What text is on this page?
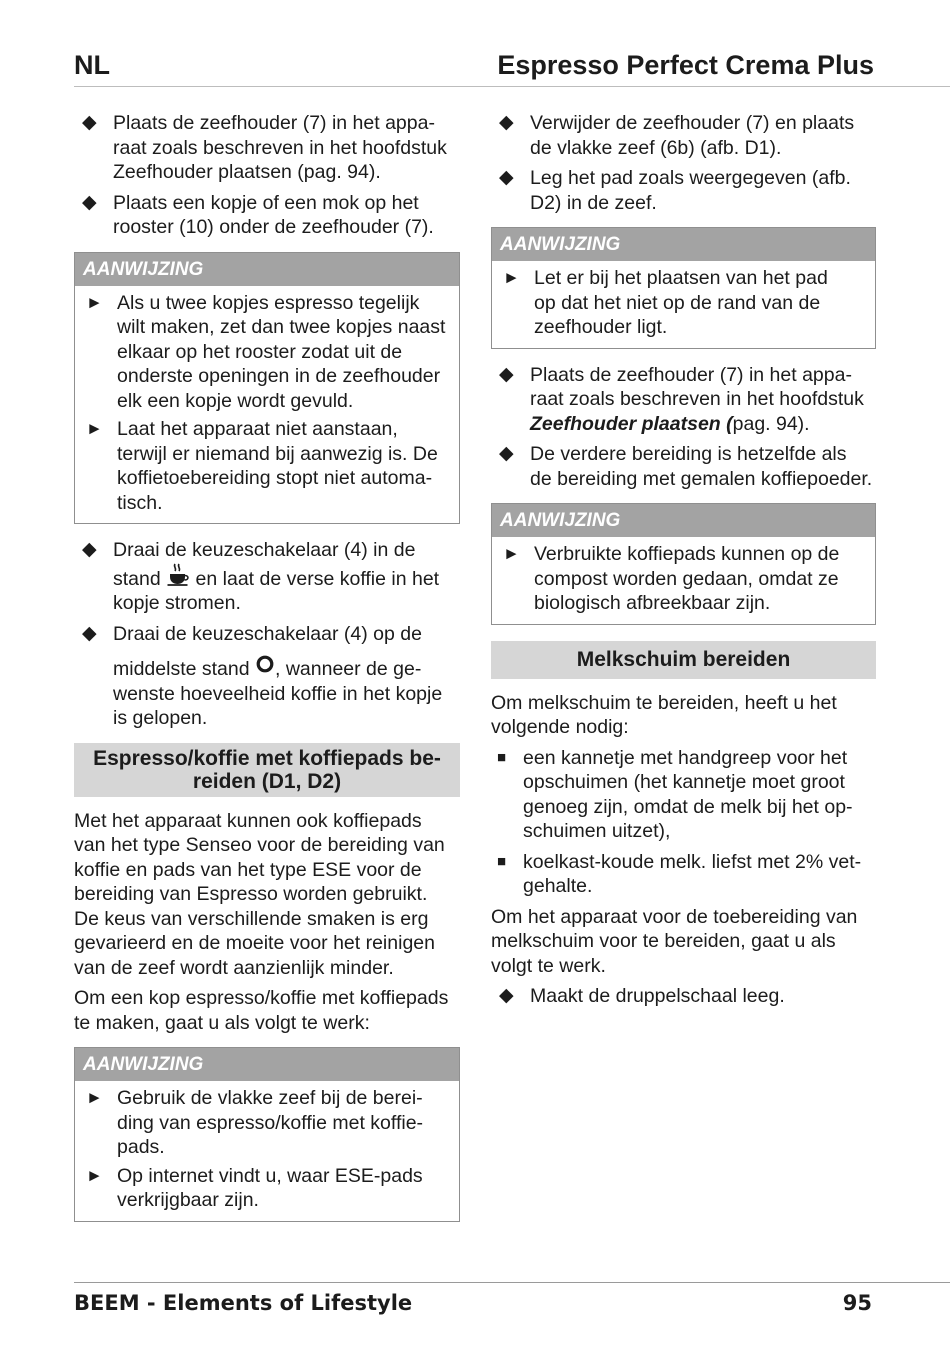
NL	Espresso Perfect Crema Plus
◆ Plaats de zeefhouder (7) in het appa-
raat zoals beschreven in het hoofdstuk
Zeefhouder plaatsen (pag. 94).
◆ Plaats een kopje of een mok op het
rooster (10) onder de zeefhouder (7).
AANWIJZING
► Als u twee kopjes espresso tegelijk
wilt maken, zet dan twee kopjes naast
elkaar op het rooster zodat uit de
onderste openingen in de zeefhouder
elk een kopje wordt gevuld.
► Laat het apparaat niet aanstaan,
terwijl er niemand bij aanwezig is. De
koffietoebereiding stopt niet automa-
tisch.
◆ Draai de keuzeschakelaar (4) in de
stand en laat de verse koffie in het
kopje stromen.
◆ Draai de keuzeschakelaar (4) op de

middelste stand , wanneer de ge-
wenste hoeveelheid koffie in het kopje
is gelopen.
Espresso/koffie met koffiepads be-
reiden (D1, D2)
Met het apparaat kunnen ook koffiepads
van het type Senseo voor de bereiding van
koffie en pads van het type ESE voor de
bereiding van Espresso worden gebruikt.
De keus van verschillende smaken is erg
gevarieerd en de moeite voor het reinigen
van de zeef wordt aanzienlijk minder.
Om een kop espresso/koffie met koffiepads
te maken, gaat u als volgt te werk:
AANWIJZING
► Gebruik de vlakke zeef bij de berei-
ding van espresso/koffie met koffie-
pads.
► Op internet vindt u, waar ESE-pads
verkrijgbaar zijn.
◆ Verwijder de zeefhouder (7) en plaats
de vlakke zeef (6b) (afb. D1).
◆ Leg het pad zoals weergegeven (afb.
D2) in de zeef.
AANWIJZING
► Let er bij het plaatsen van het pad
op dat het niet op de rand van de
zeefhouder ligt.
◆ Plaats de zeefhouder (7) in het appa-
raat zoals beschreven in het hoofdstuk
Zeefhouder plaatsen (pag. 94).
◆ De verdere bereiding is hetzelfde als
de bereiding met gemalen koffiepoeder.
AANWIJZING
► Verbruikte koffiepads kunnen op de
compost worden gedaan, omdat ze
biologisch afbreekbaar zijn.
Melkschuim bereiden
Om melkschuim te bereiden, heeft u het
volgende nodig:
■ een kannetje met handgreep voor het
opschuimen (het kannetje moet groot
genoeg zijn, omdat de melk bij het op-
schuimen uitzet),
■ koelkast-koude melk. liefst met 2% vet-
gehalte.
Om het apparaat voor de toebereiding van
melkschuim voor te bereiden, gaat u als
volgt te werk.
◆ Maakt de druppelschaal leeg.
BEEM - Elements of Lifestyle	95
